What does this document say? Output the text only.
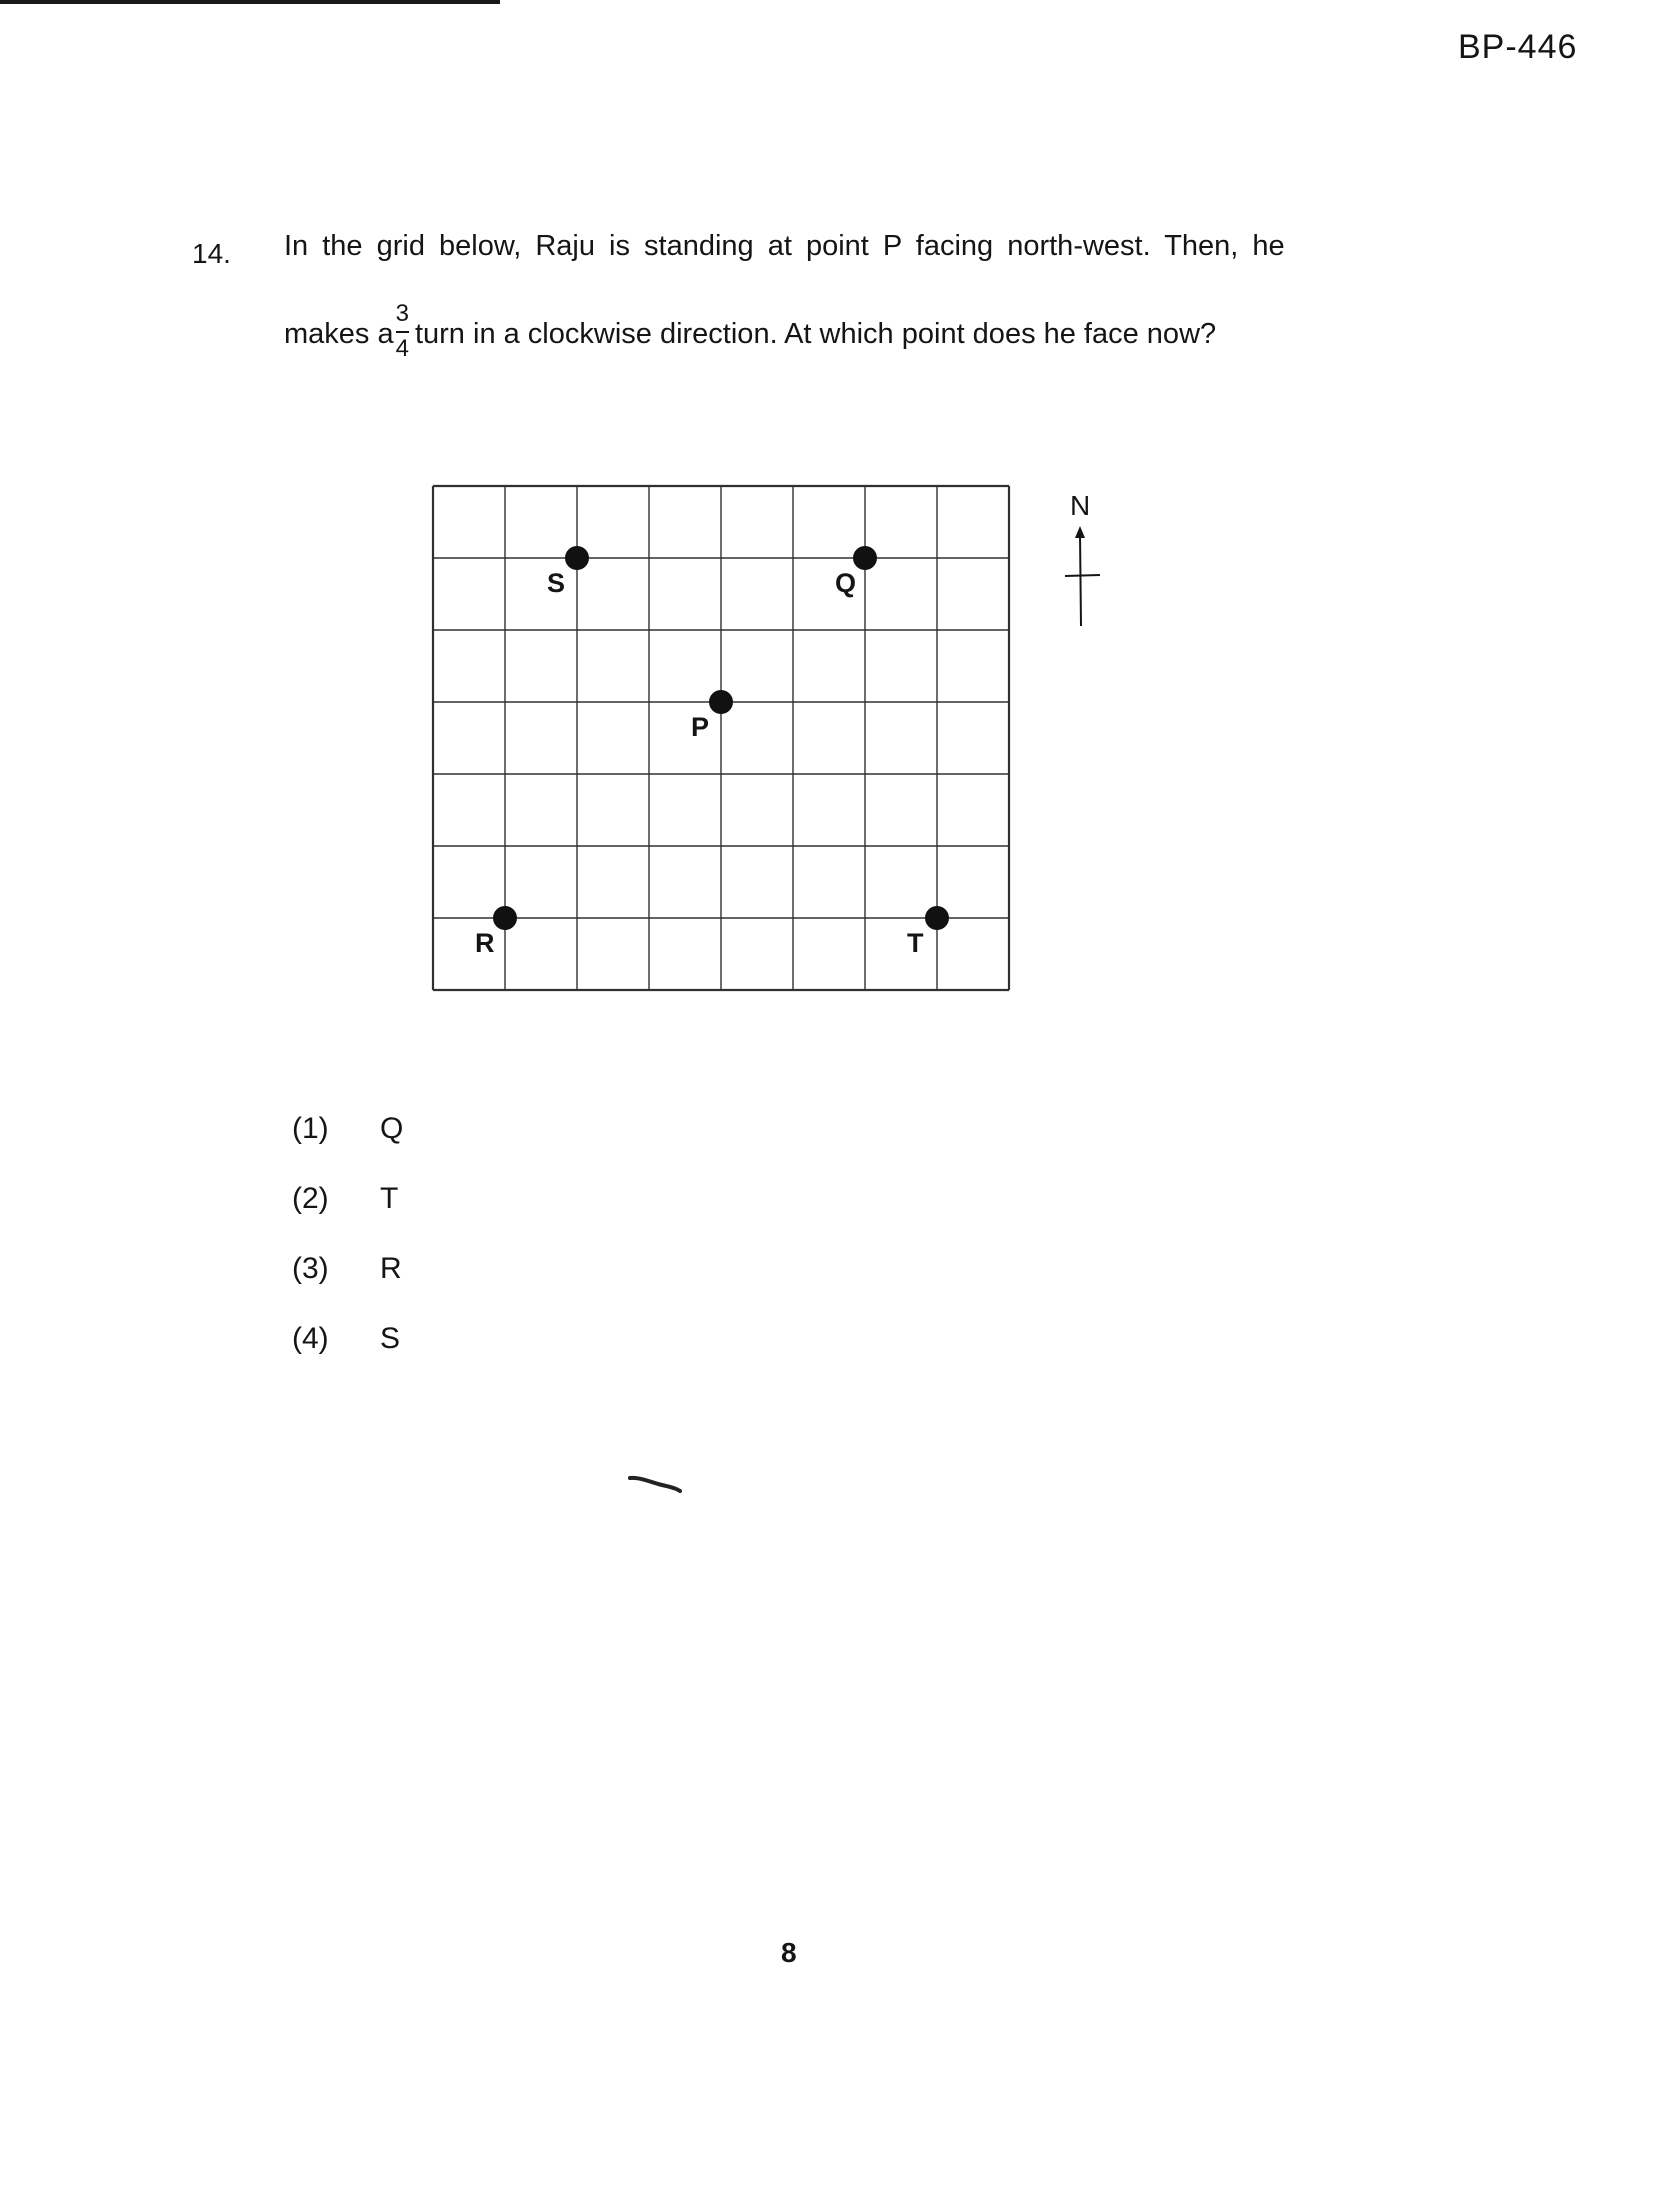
BP-446
14. In the grid below, Raju is standing at point P facing north-west. Then, he
makes a $\frac{3}{4}$ turn in a clockwise direction. At which point does he face now?
S	Q
P
R	T
N
(1)	Q
(2)	T
(3)	R
(4)	S
8
